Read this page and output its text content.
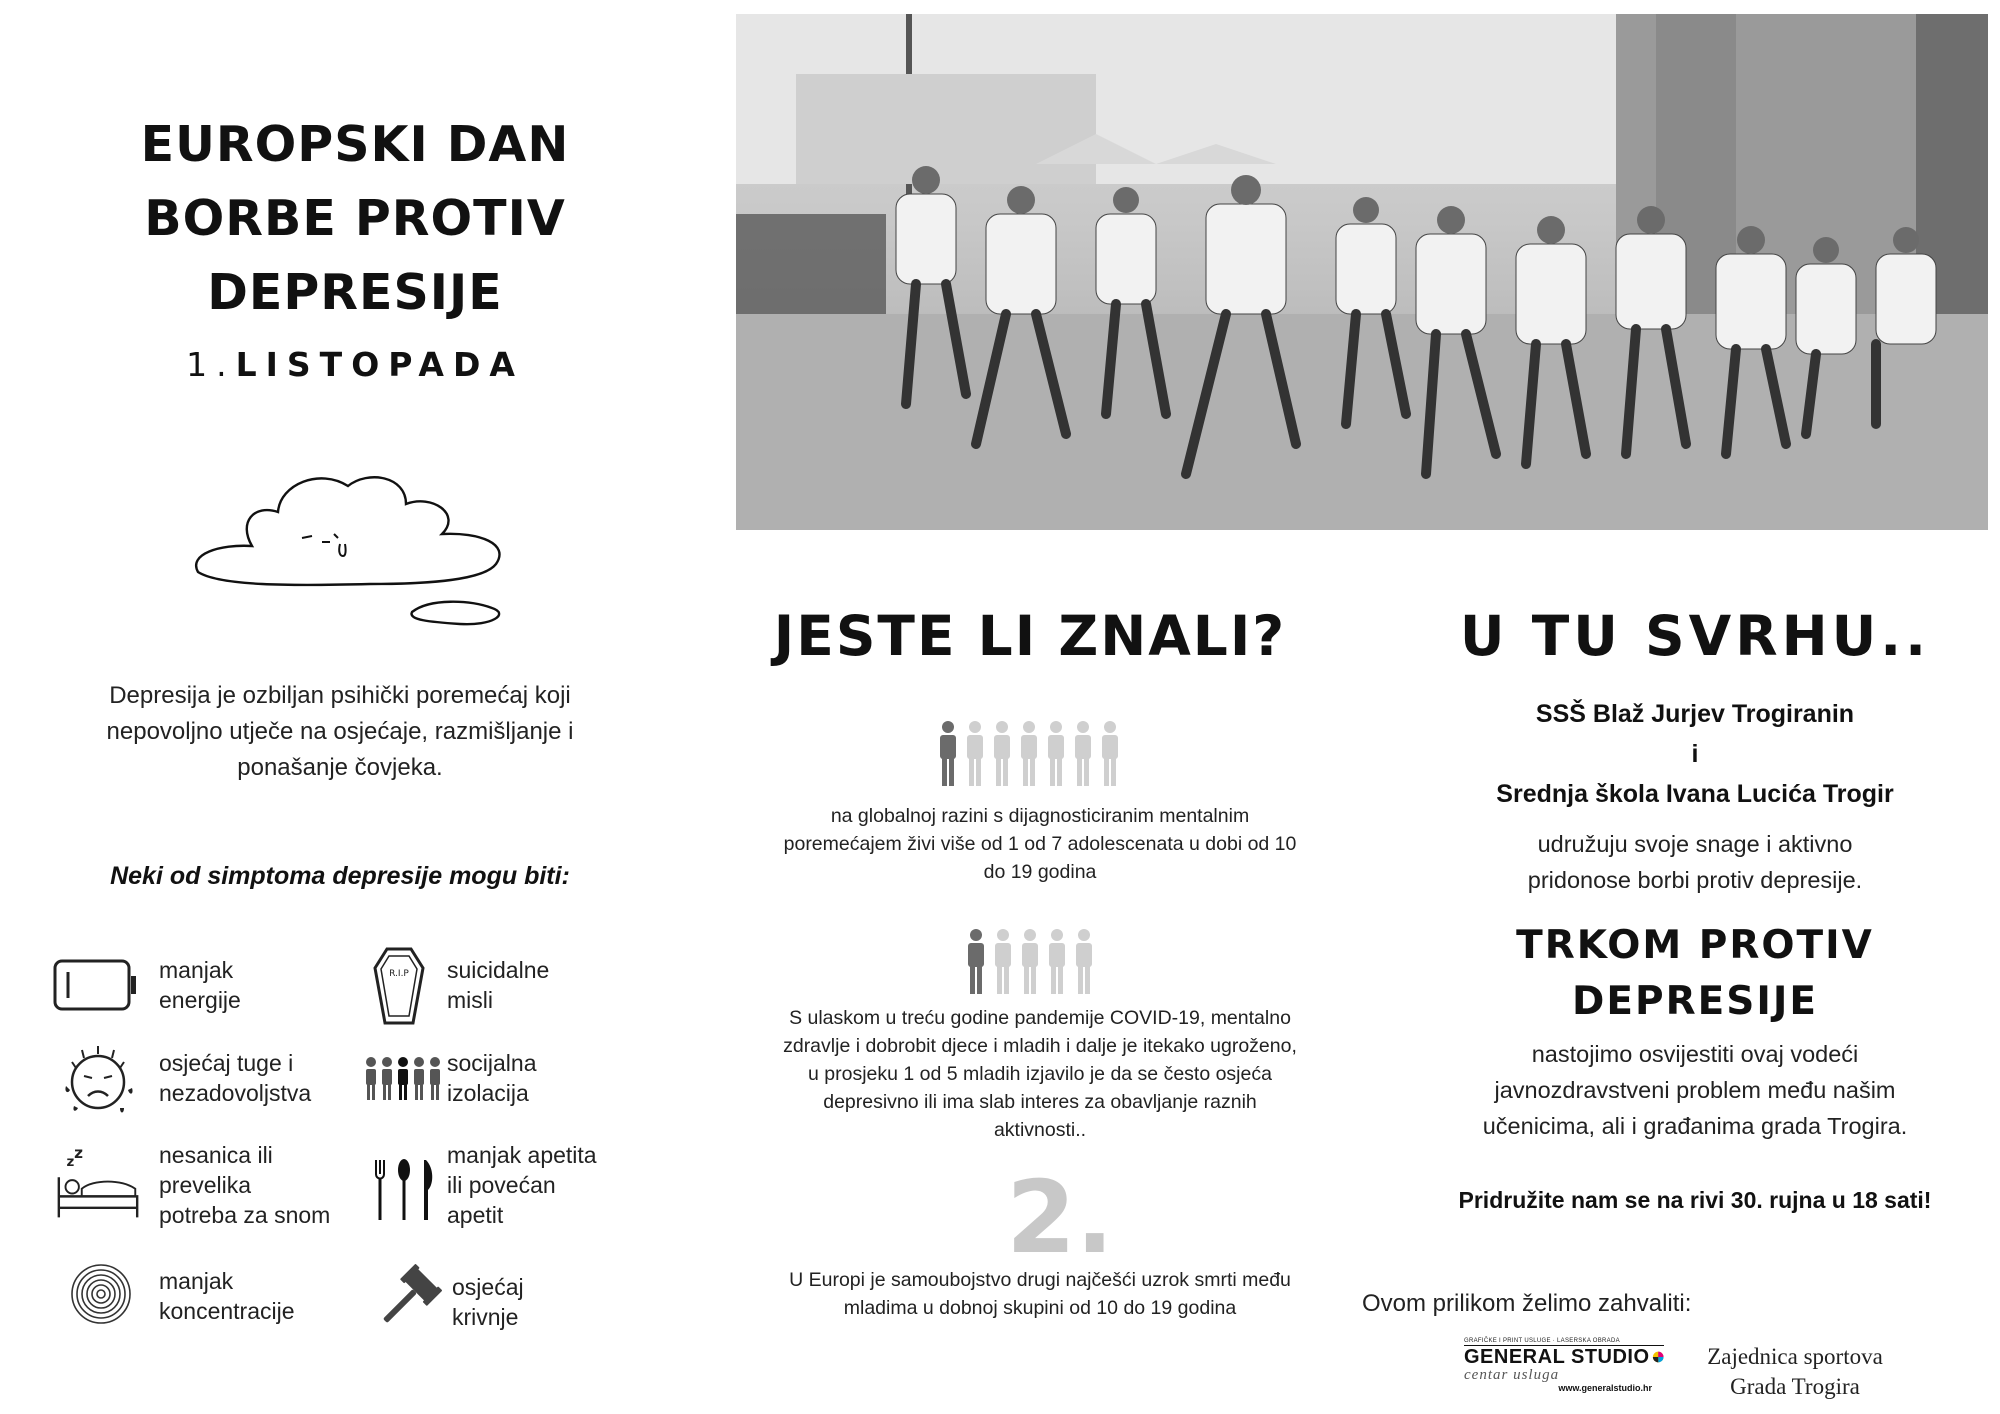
EUROPSKI DAN
BORBE PROTIV
DEPRESIJE
1.LISTOPADA
Depresija je ozbiljan psihički poremećaj koji nepovoljno utječe na osjećaje, razmišljanje i ponašanje čovjeka.
Neki od simptoma depresije mogu biti:
manjak
energije
R.I.P suicidalne
misli
osjećaj tuge i
nezadovoljstva
socijalna
izolacija
z
z	nesanica ili
prevelika
potreba za snom
manjak apetita
ili povećan
apetit
manjak
koncentracije
osjećaj
krivnje
JESTE LI ZNALI?
na globalnoj razini s dijagnosticiranim mentalnim poremećajem živi više od 1 od 7 adolescenata u dobi od 10 do 19 godina
S ulaskom u treću godine pandemije COVID-19, mentalno zdravlje i dobrobit djece i mladih i dalje je itekako ugroženo, u prosjeku 1 od 5 mladih izjavilo je da se često osjeća depresivno ili ima slab interes za obavljanje raznih aktivnosti..
2.
U Europi je samoubojstvo drugi najčešći uzrok smrti među mladima u dobnoj skupini od 10 do 19 godina
U TU SVRHU..
SSŠ Blaž Jurjev Trogiranin
i
Srednja škola Ivana Lucića Trogir
udružuju svoje snage i aktivno pridonose borbi protiv depresije.
TRKOM PROTIV
DEPRESIJE
nastojimo osvijestiti ovaj vodeći javnozdravstveni problem među našim učenicima, ali i građanima grada Trogira.
Pridružite nam se na rivi 30. rujna u 18 sati!
Ovom prilikom želimo zahvaliti:
GRAFIČKE I PRINT USLUGE · LASERSKA OBRADA
GENERAL STUDIO
centar usluga
www.generalstudio.hr
Zajednica sportova
Grada Trogira
